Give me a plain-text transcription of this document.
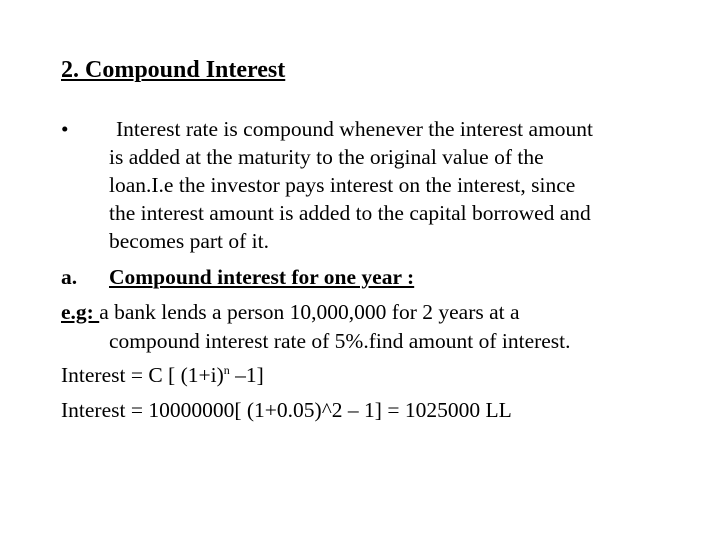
2. Compound Interest
• Interest rate is compound whenever the interest amount
is added at the maturity to the original value of the
loan.I.e the investor pays interest on the interest, since
the interest amount is added to the capital borrowed and
becomes part of it.
a. Compound interest for one year :
e.g: a bank lends a person 10,000,000 for 2 years at a
compound interest rate of 5%.find amount of interest.
Interest = C [ $(1+i)^n$ –1]
Interest = 10000000[ (1+0.05)^2 – 1] = 1025000 LL
